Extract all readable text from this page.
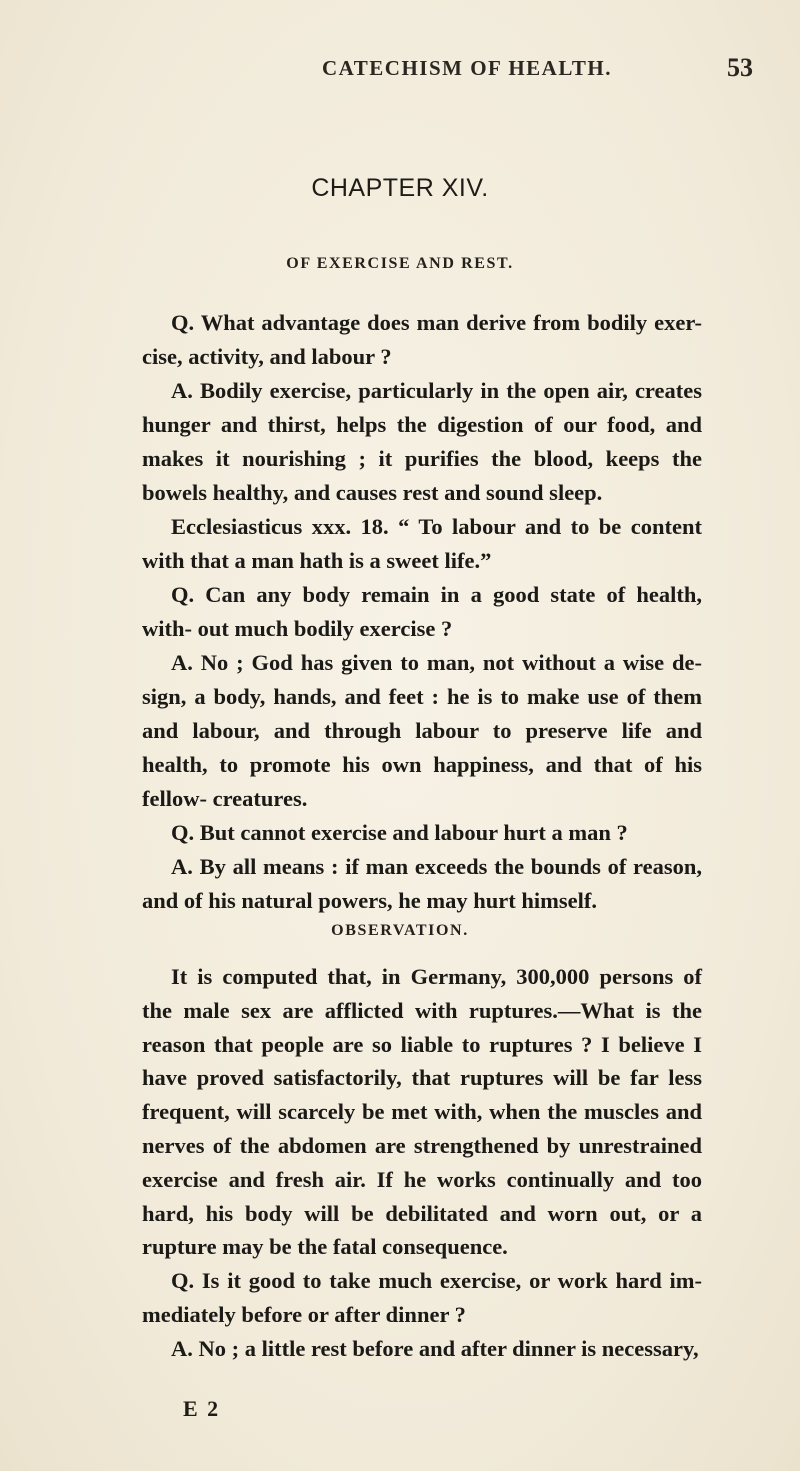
CATECHISM OF HEALTH.	53
CHAPTER XIV.
OF EXERCISE AND REST.

Q. What advantage does man derive from bodily exer- cise, activity, and labour ?

A. Bodily exercise, particularly in the open air, creates hunger and thirst, helps the digestion of our food, and makes it nourishing ; it purifies the blood, keeps the bowels healthy, and causes rest and sound sleep.

Ecclesiasticus xxx. 18. “ To labour and to be content with that a man hath is a sweet life.”

Q. Can any body remain in a good state of health, with- out much bodily exercise ?

A. No ; God has given to man, not without a wise de- sign, a body, hands, and feet : he is to make use of them and labour, and through labour to preserve life and health, to promote his own happiness, and that of his fellow- creatures.

Q. But cannot exercise and labour hurt a man ?

A. By all means : if man exceeds the bounds of reason, and of his natural powers, he may hurt himself.

OBSERVATION.

It is computed that, in Germany, 300,000 persons of the male sex are afflicted with ruptures.—What is the reason that people are so liable to ruptures ? I believe I have proved satisfactorily, that ruptures will be far less frequent, will scarcely be met with, when the muscles and nerves of the abdomen are strengthened by unrestrained exercise and fresh air. If he works continually and too hard, his body will be debilitated and worn out, or a rupture may be the fatal consequence.

Q. Is it good to take much exercise, or work hard im- mediately before or after dinner ?

A. No ; a little rest before and after dinner is necessary,

E 2
